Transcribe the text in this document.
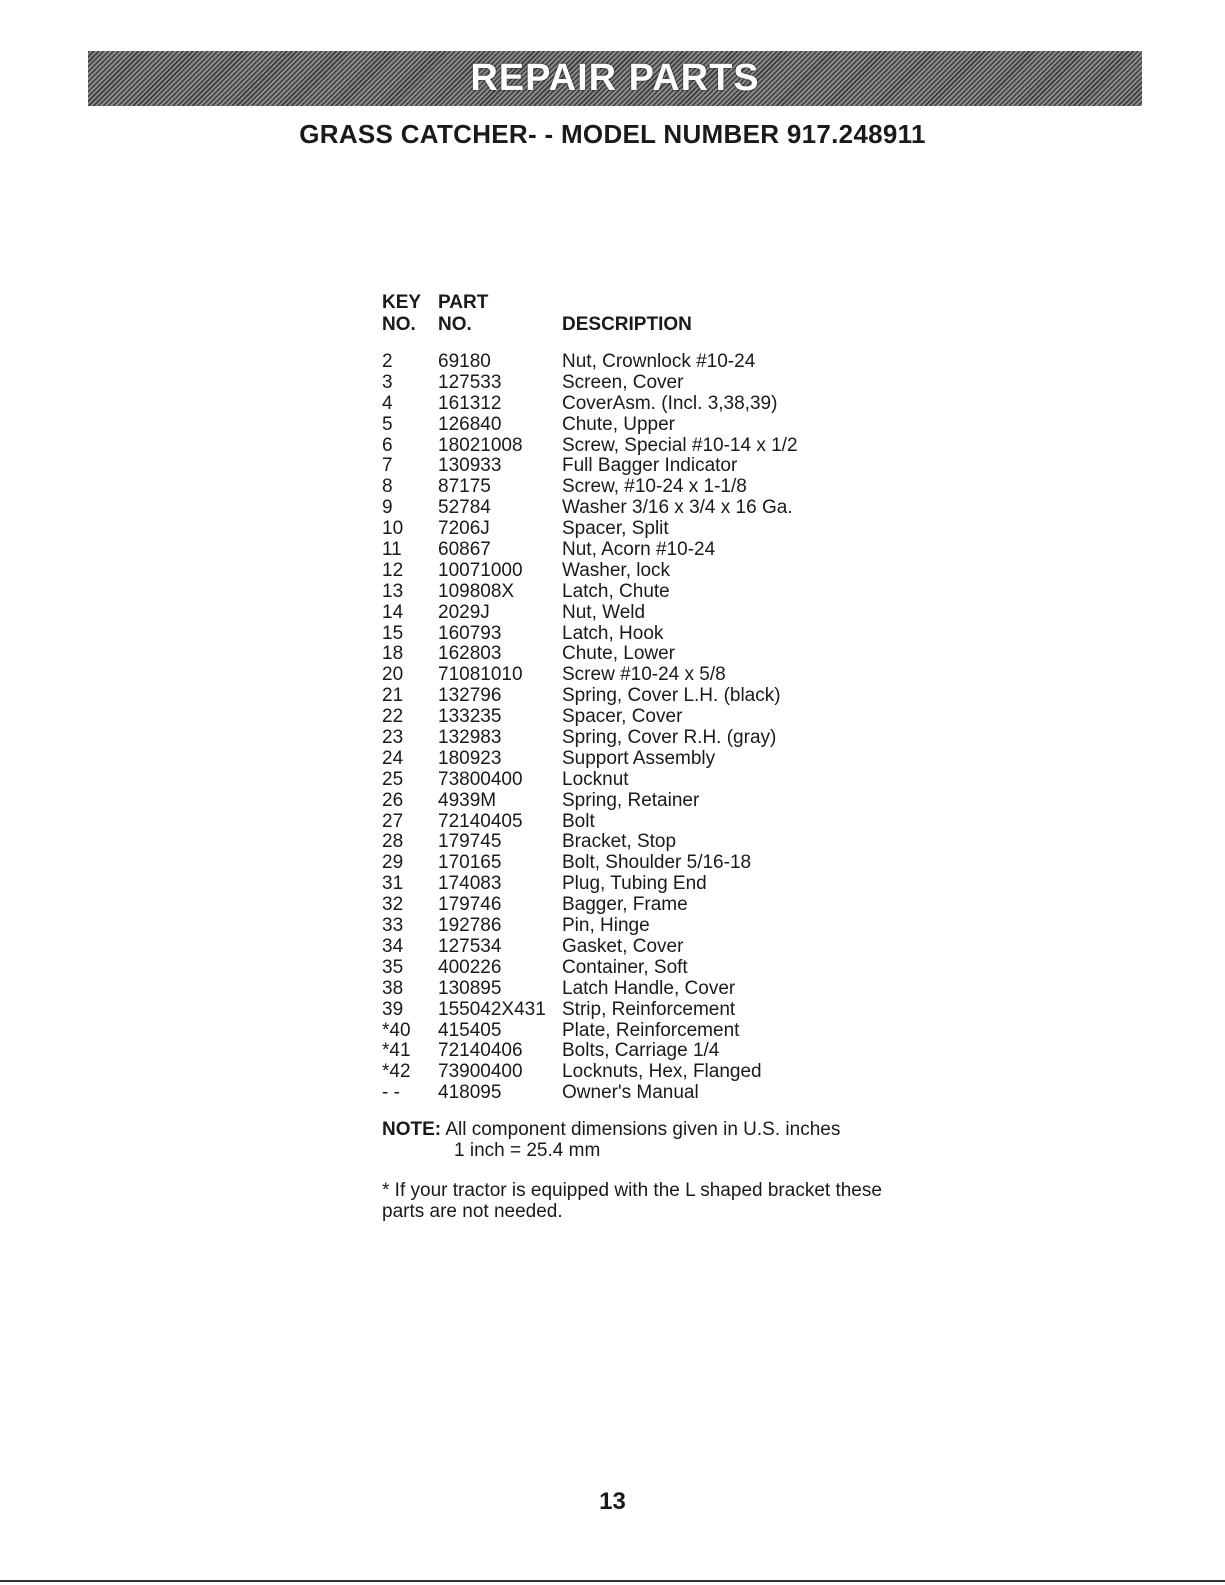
REPAIR PARTS
GRASS CATCHER- - MODEL NUMBER 917.248911
KEY
NO.
PART
NO.	DESCRIPTION
2 69180	Nut, Crownlock #10-24
3 127533	Screen, Cover
4 161312	CoverAsm. (Incl. 3,38,39)
5 126840	Chute, Upper
6 18021008 Screw, Special #10-14 x 1/2
7 130933	Full Bagger Indicator
8 87175	Screw, #10-24 x 1-1/8
9 52784	Washer 3/16 x 3/4 x 16 Ga.
10 7206J	Spacer, Split
11 60867	Nut, Acorn #10-24
12 10071000 Washer, lock
13 109808X	Latch, Chute
14 2029J	Nut, Weld
15 160793	Latch, Hook
18 162803	Chute, Lower
20 71081010 Screw #10-24 x 5/8
21 132796	Spring, Cover L.H. (black)
22 133235	Spacer, Cover
23 132983	Spring, Cover R.H. (gray)
24 180923	Support Assembly
25 73800400 Locknut
26 4939M	Spring, Retainer
27 72140405 Bolt
28 179745	Bracket, Stop
29 170165	Bolt, Shoulder 5/16-18
31 174083	Plug, Tubing End
32 179746	Bagger, Frame
33 192786	Pin, Hinge
34 127534	Gasket, Cover
35 400226	Container, Soft
38 130895	Latch Handle, Cover
39 155042X431 Strip, Reinforcement
*40 415405	Plate, Reinforcement
*41 72140406 Bolts, Carriage 1/4
*42 73900400 Locknuts, Hex, Flanged
- - 418095	Owner's Manual
NOTE: All component dimensions given in U.S. inches
1 inch = 25.4 mm
* If your tractor is equipped with the L shaped bracket these parts are not needed.
13
